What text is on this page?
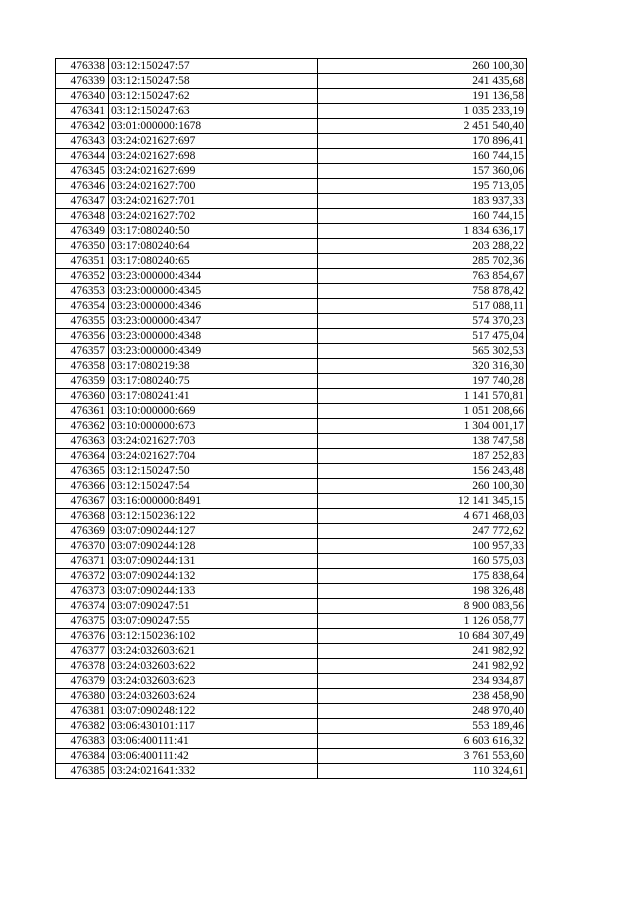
476338	03:12:150247:57	260 100,30
476339	03:12:150247:58	241 435,68
476340	03:12:150247:62	191 136,58
476341	03:12:150247:63	1 035 233,19
476342	03:01:000000:1678	2 451 540,40
476343	03:24:021627:697	170 896,41
476344	03:24:021627:698	160 744,15
476345	03:24:021627:699	157 360,06
476346	03:24:021627:700	195 713,05
476347	03:24:021627:701	183 937,33
476348	03:24:021627:702	160 744,15
476349	03:17:080240:50	1 834 636,17
476350	03:17:080240:64	203 288,22
476351	03:17:080240:65	285 702,36
476352	03:23:000000:4344	763 854,67
476353	03:23:000000:4345	758 878,42
476354	03:23:000000:4346	517 088,11
476355	03:23:000000:4347	574 370,23
476356	03:23:000000:4348	517 475,04
476357	03:23:000000:4349	565 302,53
476358	03:17:080219:38	320 316,30
476359	03:17:080240:75	197 740,28
476360	03:17:080241:41	1 141 570,81
476361	03:10:000000:669	1 051 208,66
476362	03:10:000000:673	1 304 001,17
476363	03:24:021627:703	138 747,58
476364	03:24:021627:704	187 252,83
476365	03:12:150247:50	156 243,48
476366	03:12:150247:54	260 100,30
476367	03:16:000000:8491	12 141 345,15
476368	03:12:150236:122	4 671 468,03
476369	03:07:090244:127	247 772,62
476370	03:07:090244:128	100 957,33
476371	03:07:090244:131	160 575,03
476372	03:07:090244:132	175 838,64
476373	03:07:090244:133	198 326,48
476374	03:07:090247:51	8 900 083,56
476375	03:07:090247:55	1 126 058,77
476376	03:12:150236:102	10 684 307,49
476377	03:24:032603:621	241 982,92
476378	03:24:032603:622	241 982,92
476379	03:24:032603:623	234 934,87
476380	03:24:032603:624	238 458,90
476381	03:07:090248:122	248 970,40
476382	03:06:430101:117	553 189,46
476383	03:06:400111:41	6 603 616,32
476384	03:06:400111:42	3 761 553,60
476385	03:24:021641:332	110 324,61
